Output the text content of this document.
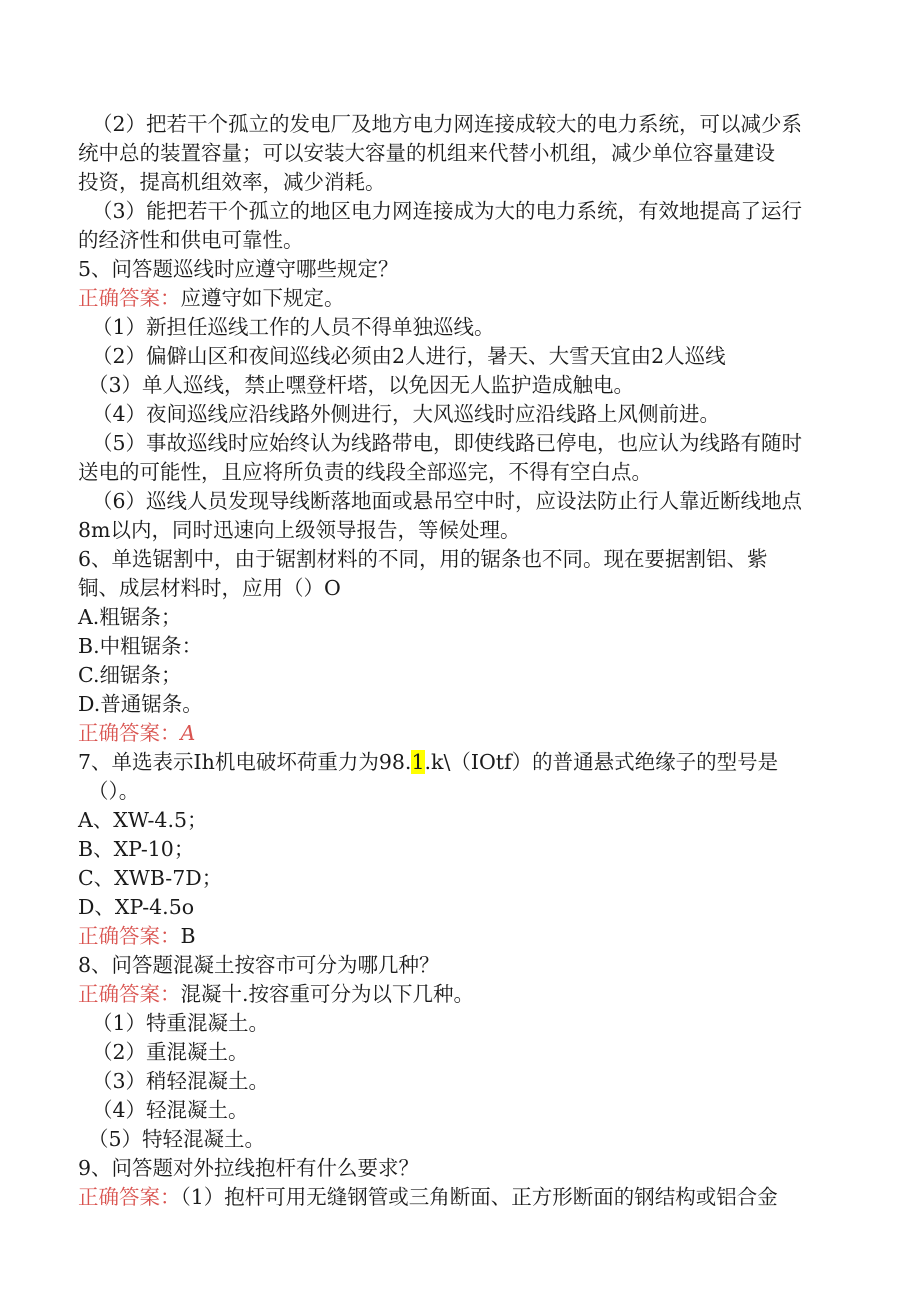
（2）把若干个孤立的发电厂及地方电力网连接成较大的电力系统，可以减少系
统中总的装置容量；可以安装大容量的机组来代替小机组，减少单位容量建设
投资，提高机组效率，减少消耗。
（3）能把若干个孤立的地区电力网连接成为大的电力系统，有效地提高了运行
的经济性和供电可靠性。
5、问答题巡线时应遵守哪些规定？
正确答案：应遵守如下规定。
（1）新担任巡线工作的人员不得单独巡线。
（2）偏僻山区和夜间巡线必须由2人进行，暑天、大雪天宜由2人巡线
（3）单人巡线，禁止嘿登杆塔，以免因无人监护造成触电。
（4）夜间巡线应沿线路外侧进行，大风巡线时应沿线路上风侧前进。
（5）事故巡线时应始终认为线路带电，即使线路已停电，也应认为线路有随时
送电的可能性，且应将所负责的线段全部巡完，不得有空白点。
（6）巡线人员发现导线断落地面或悬吊空中时，应设法防止行人靠近断线地点
8m以内，同时迅速向上级领导报告，等候处理。
6、单选锯割中，由于锯割材料的不同，用的锯条也不同。现在要据割铝、紫
铜、成层材料时，应用（）O
A.粗锯条；
B.中粗锯条：
C.细锯条；
D.普通锯条。
正确答案：A
7、单选表示Ih机电破坏荷重力为98.1.k\（IOtf）的普通悬式绝缘子的型号是
（）。
A、XW-4.5；
B、XP-10；
C、XWB-7D；
D、XP-4.5o
正确答案：B
8、问答题混凝土按容市可分为哪几种？
正确答案：混凝十.按容重可分为以下几种。
（1）特重混凝土。
（2）重混凝土。
（3）稍轻混凝土。
（4）轻混凝土。
（5）特轻混凝土。
9、问答题对外拉线抱杆有什么要求？
正确答案：（1）抱杆可用无缝钢管或三角断面、正方形断面的钢结构或铝合金
